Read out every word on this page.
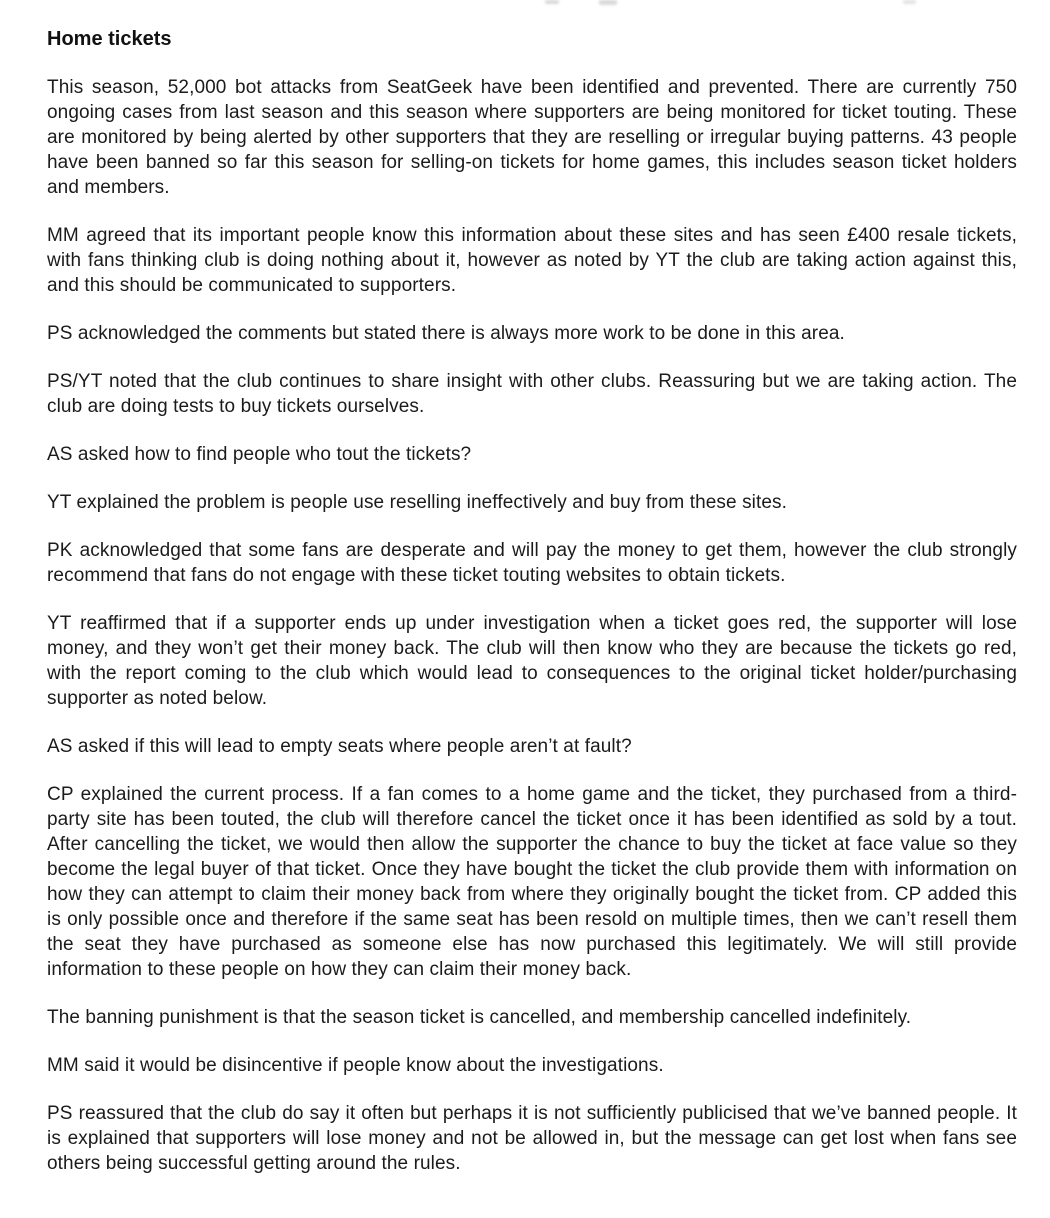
Home tickets

This season, 52,000 bot attacks from SeatGeek have been identified and prevented. There are currently 750 ongoing cases from last season and this season where supporters are being monitored for ticket touting. These are monitored by being alerted by other supporters that they are reselling or irregular buying patterns. 43 people have been banned so far this season for selling-on tickets for home games, this includes season ticket holders and members.

MM agreed that its important people know this information about these sites and has seen £400 resale tickets, with fans thinking club is doing nothing about it, however as noted by YT the club are taking action against this, and this should be communicated to supporters.

PS acknowledged the comments but stated there is always more work to be done in this area.

PS/YT noted that the club continues to share insight with other clubs. Reassuring but we are taking action. The club are doing tests to buy tickets ourselves.

AS asked how to find people who tout the tickets?

YT explained the problem is people use reselling ineffectively and buy from these sites.

PK acknowledged that some fans are desperate and will pay the money to get them, however the club strongly recommend that fans do not engage with these ticket touting websites to obtain tickets.

YT reaffirmed that if a supporter ends up under investigation when a ticket goes red, the supporter will lose money, and they won’t get their money back. The club will then know who they are because the tickets go red, with the report coming to the club which would lead to consequences to the original ticket holder/purchasing supporter as noted below.

AS asked if this will lead to empty seats where people aren’t at fault?

CP explained the current process. If a fan comes to a home game and the ticket, they purchased from a third-party site has been touted, the club will therefore cancel the ticket once it has been identified as sold by a tout. After cancelling the ticket, we would then allow the supporter the chance to buy the ticket at face value so they become the legal buyer of that ticket. Once they have bought the ticket the club provide them with information on how they can attempt to claim their money back from where they originally bought the ticket from. CP added this is only possible once and therefore if the same seat has been resold on multiple times, then we can’t resell them the seat they have purchased as someone else has now purchased this legitimately. We will still provide information to these people on how they can claim their money back.

The banning punishment is that the season ticket is cancelled, and membership cancelled indefinitely.

MM said it would be disincentive if people know about the investigations.

PS reassured that the club do say it often but perhaps it is not sufficiently publicised that we’ve banned people. It is explained that supporters will lose money and not be allowed in, but the message can get lost when fans see others being successful getting around the rules.
